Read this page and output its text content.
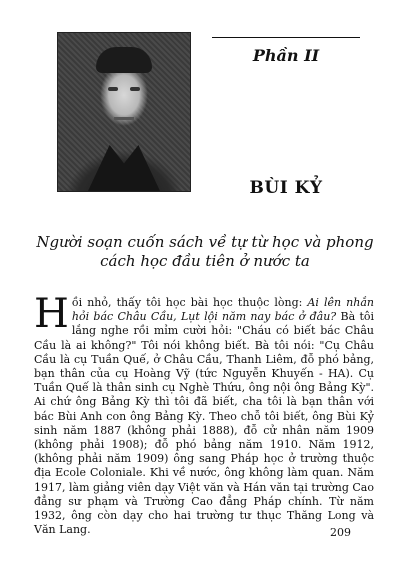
Phần II
BÙI KỶ
Người soạn cuốn sách về tự từ học và phong cách học đầu tiên ở nước ta
Hồi nhỏ, thấy tôi học bài học thuộc lòng: Ai lên nhắn hỏi bác Châu Cầu, Lụt lội năm nay bác ở đâu? Bà tôi lắng nghe rồi mỉm cười hỏi: "Cháu có biết bác Châu Cầu là ai không?" Tôi nói không biết. Bà tôi nói: "Cụ Châu Cầu là cụ Tuần Quế, ở Châu Cầu, Thanh Liêm, đỗ phó bảng, bạn thân của cụ Hoàng Vỹ (tức Nguyễn Khuyến - HA). Cụ Tuần Quế là thân sinh cụ Nghè Thứu, ông nội ông Bảng Kỳ". Ai chứ ông Bảng Kỳ thì tôi đã biết, cha tôi là bạn thân với bác Bùi Anh con ông Bảng Kỳ. Theo chỗ tôi biết, ông Bùi Kỷ sinh năm 1887 (không phải 1888), đỗ cử nhân năm 1909 (không phải 1908); đỗ phó bảng năm 1910. Năm 1912, (không phải năm 1909) ông sang Pháp học ở trường thuộc địa Ecole Coloniale. Khi về nước, ông không làm quan. Năm 1917, làm giảng viên dạy Việt văn và Hán văn tại trường Cao đẳng sư phạm và Trường Cao đẳng Pháp chính. Từ năm 1932, ông còn dạy cho hai trường tư thục Thăng Long và Văn Lang.	209
